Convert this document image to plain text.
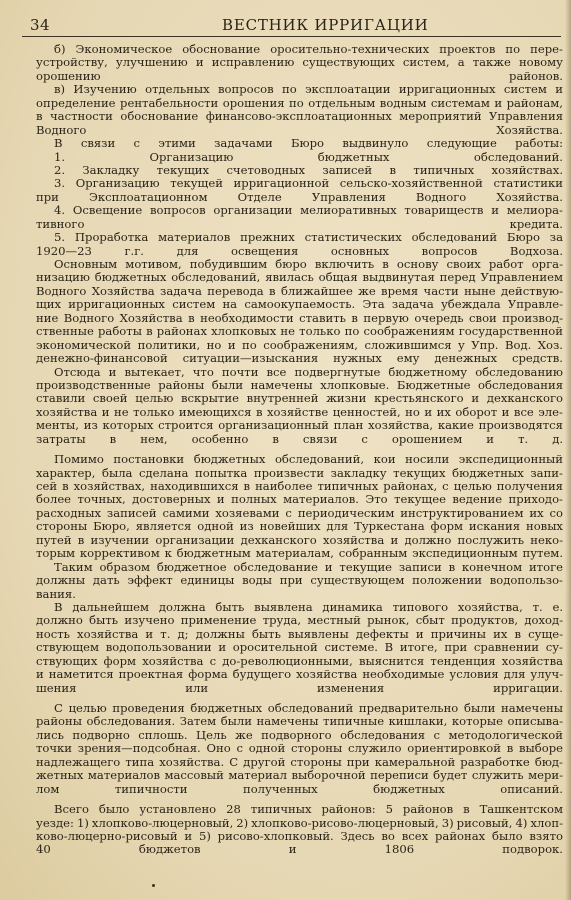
34	ВЕСТНИК ИРРИГАЦИИ
б) Экономическое обоснование оросительно-технических проектов по пере-
устройству, улучшению и исправлению существующих систем, а также новому
орошению районов.
в) Изучению отдельных вопросов по эксплоатации ирригационных систем и
определение рентабельности орошения по отдельным водным системам и районам,
в частности обоснование финансово-эксплоатационных мероприятий Управления
Водного Хозяйства.
В связи с этими задачами Бюро выдвинуло следующие работы:
1. Организацию бюджетных обследований.
2. Закладку текущих счетоводных записей в типичных хозяйствах.
3. Организацию текущей ирригационной сельско-хозяйственной статистики
при Эксплоатационном Отделе Управления Водного Хозяйства.
4. Освещение вопросов организации мелиоративных товариществ и мелиора-
тивного кредита.
5. Проработка материалов прежних статистических обследований Бюро за
1920—23 г.г. для освещения основных вопросов Водхоза.
Основным мотивом, побудившим бюро включить в основу своих работ орга-
низацию бюджетных обследований, явилась общая выдвинутая перед Управлением
Водного Хозяйства задача перевода в ближайшее же время части ныне действую-
щих ирригационных систем на самоокупаемость. Эта задача убеждала Управле-
ние Водного Хозяйства в необходимости ставить в первую очередь свои производ-
ственные работы в районах хлопковых не только по соображениям государственной
экономической политики, но и по соображениям, сложившимся у Упр. Вод. Хоз.
денежно-финансовой ситуации—изыскания нужных ему денежных средств.
Отсюда и вытекает, что почти все подвергнутые бюджетному обследованию
производственные районы были намечены хлопковые. Бюджетные обследования
ставили своей целью вскрытие внутренней жизни крестьянского и дехканского
хозяйства и не только имеющихся в хозяйстве ценностей, но и их оборот и все эле-
менты, из которых строится организационный план хозяйства, какие производятся
затраты в нем, особенно в связи с орошением и т. д.
Помимо постановки бюджетных обследований, кои носили экспедиционный
характер, была сделана попытка произвести закладку текущих бюджетных запи-
сей в хозяйствах, находившихся в наиболее типичных районах, с целью получения
более точных, достоверных и полных материалов. Это текущее ведение приходо-
расходных записей самими хозяевами с периодическим инструктированием их со
стороны Бюро, является одной из новейших для Туркестана форм искания новых
путей в изучении организации дехканского хозяйства и должно послужить неко-
торым коррективом к бюджетным материалам, собранным экспедиционным путем.
Таким образом бюджетное обследование и текущие записи в конечном итоге
должны дать эффект единицы воды при существующем положении водопользо-
вания.
В дальнейшем должна быть выявлена динамика типового хозяйства, т. е.
должно быть изучено применение труда, местный рынок, сбыт продуктов, доход-
ность хозяйства и т. д; должны быть выявлены дефекты и причины их в суще-
ствующем водопользовании и оросительной системе. В итоге, при сравнении су-
ствующих форм хозяйства с до-революционными, выяснится тенденция хозяйства
и наметится проектная форма будущего хозяйства необходимые условия для улуч-
шения или изменения ирригации.
С целью проведения бюджетных обследований предварительно были намечены
районы обследования. Затем были намечены типичные кишлаки, которые описыва-
лись подворно сплошь. Цель же подворного обследования с методологической
точки зрения—подсобная. Оно с одной стороны служило ориентировкой в выборе
надлежащего типа хозяйства. С другой стороны при камеральной разработке бюд-
жетных материалов массовый материал выборочной переписи будет служить мери-
лом типичности полученных бюджетных описаний.
Всего было установлено 28 типичных районов: 5 районов в Ташкентском
уезде: 1) хлопково-люцерновый, 2) хлопково-рисово-люцерновый, 3) рисовый, 4) хлоп-
ково-люцерно-рисовый и 5) рисово-хлопковый. Здесь во всех районах было взято
40 бюджетов и 1806 подворок.
